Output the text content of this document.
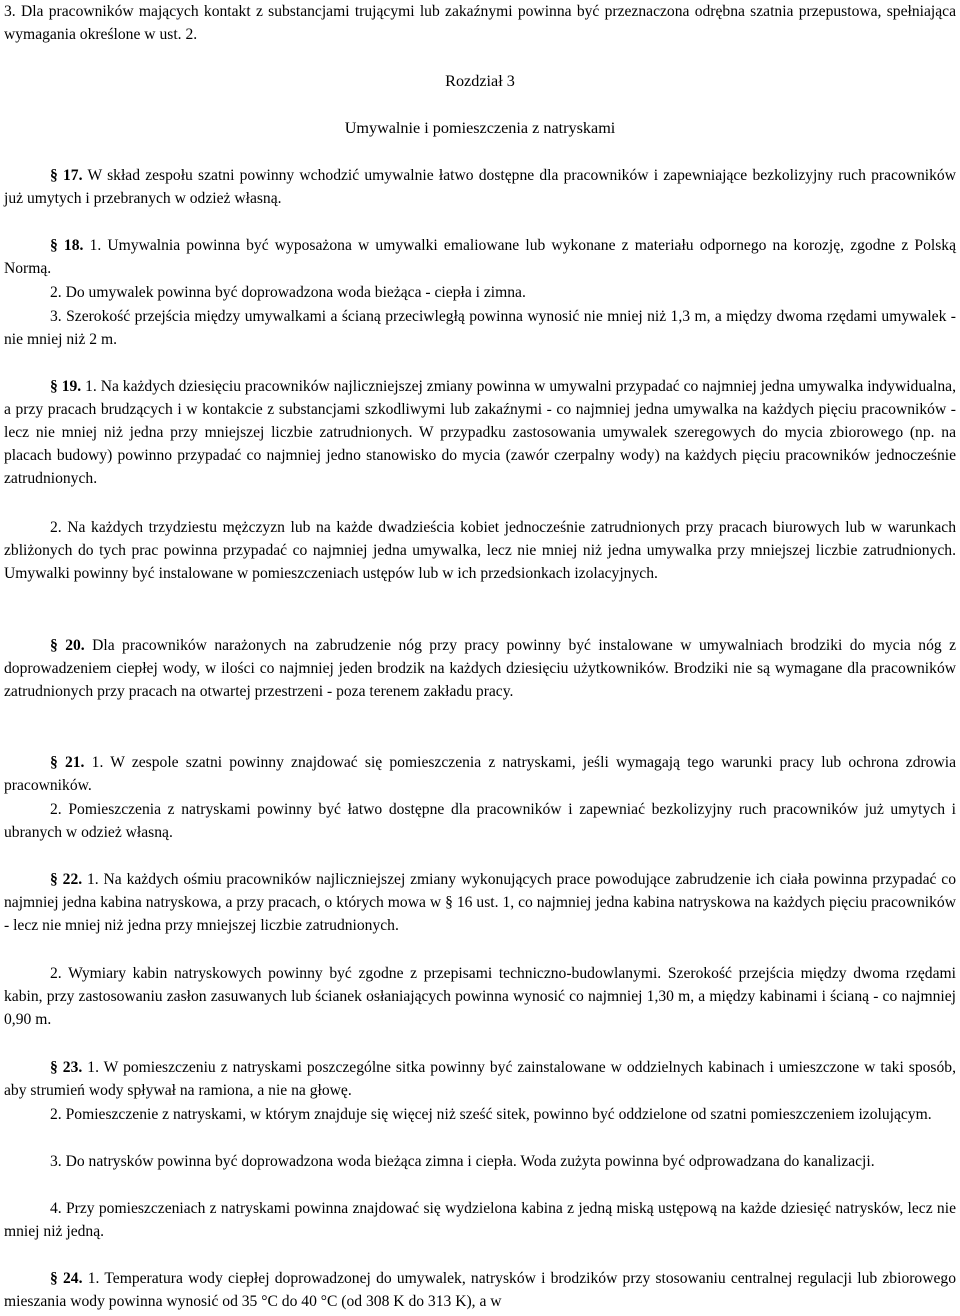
3. Dla pracowników mających kontakt z substancjami trującymi lub zakaźnymi powinna być przeznaczona odrębna szatnia przepustowa, spełniająca wymagania określone w ust. 2.

Rozdział 3

Umywalnie i pomieszczenia z natryskami

§ 17. W skład zespołu szatni powinny wchodzić umywalnie łatwo dostępne dla pracowników i zapewniające bezkolizyjny ruch pracowników już umytych i przebranych w odzież własną.

§ 18. 1. Umywalnia powinna być wyposażona w umywalki emaliowane lub wykonane z materiału odpornego na korozję, zgodne z Polską Normą.

2. Do umywalek powinna być doprowadzona woda bieżąca - ciepła i zimna.

3. Szerokość przejścia między umywalkami a ścianą przeciwległą powinna wynosić nie mniej niż 1,3 m, a między dwoma rzędami umywalek - nie mniej niż 2 m.

§ 19. 1. Na każdych dziesięciu pracowników najliczniejszej zmiany powinna w umywalni przypadać co najmniej jedna umywalka indywidualna, a przy pracach brudzących i w kontakcie z substancjami szkodliwymi lub zakaźnymi - co najmniej jedna umywalka na każdych pięciu pracowników - lecz nie mniej niż jedna przy mniejszej liczbie zatrudnionych. W przypadku zastosowania umywalek szeregowych do mycia zbiorowego (np. na placach budowy) powinno przypadać co najmniej jedno stanowisko do mycia (zawór czerpalny wody) na każdych pięciu pracowników jednocześnie zatrudnionych.

2. Na każdych trzydziestu mężczyzn lub na każde dwadzieścia kobiet jednocześnie zatrudnionych przy pracach biurowych lub w warunkach zbliżonych do tych prac powinna przypadać co najmniej jedna umywalka, lecz nie mniej niż jedna umywalka przy mniejszej liczbie zatrudnionych. Umywalki powinny być instalowane w pomieszczeniach ustępów lub w ich przedsionkach izolacyjnych.

§ 20. Dla pracowników narażonych na zabrudzenie nóg przy pracy powinny być instalowane w umywalniach brodziki do mycia nóg z doprowadzeniem ciepłej wody, w ilości co najmniej jeden brodzik na każdych dziesięciu użytkowników. Brodziki nie są wymagane dla pracowników zatrudnionych przy pracach na otwartej przestrzeni - poza terenem zakładu pracy.

§ 21. 1. W zespole szatni powinny znajdować się pomieszczenia z natryskami, jeśli wymagają tego warunki pracy lub ochrona zdrowia pracowników.

2. Pomieszczenia z natryskami powinny być łatwo dostępne dla pracowników i zapewniać bezkolizyjny ruch pracowników już umytych i ubranych w odzież własną.

§ 22. 1. Na każdych ośmiu pracowników najliczniejszej zmiany wykonujących prace powodujące zabrudzenie ich ciała powinna przypadać co najmniej jedna kabina natryskowa, a przy pracach, o których mowa w § 16 ust. 1, co najmniej jedna kabina natryskowa na każdych pięciu pracowników - lecz nie mniej niż jedna przy mniejszej liczbie zatrudnionych.

2. Wymiary kabin natryskowych powinny być zgodne z przepisami techniczno-budowlanymi. Szerokość przejścia między dwoma rzędami kabin, przy zastosowaniu zasłon zasuwanych lub ścianek osłaniających powinna wynosić co najmniej 1,30 m, a między kabinami i ścianą - co najmniej 0,90 m.

§ 23. 1. W pomieszczeniu z natryskami poszczególne sitka powinny być zainstalowane w oddzielnych kabinach i umieszczone w taki sposób, aby strumień wody spływał na ramiona, a nie na głowę.

2. Pomieszczenie z natryskami, w którym znajduje się więcej niż sześć sitek, powinno być oddzielone od szatni pomieszczeniem izolującym.

3. Do natrysków powinna być doprowadzona woda bieżąca zimna i ciepła. Woda zużyta powinna być odprowadzana do kanalizacji.

4. Przy pomieszczeniach z natryskami powinna znajdować się wydzielona kabina z jedną miską ustępową na każde dziesięć natrysków, lecz nie mniej niż jedną.

§ 24. 1. Temperatura wody ciepłej doprowadzonej do umywalek, natrysków i brodzików przy stosowaniu centralnej regulacji lub zbiorowego mieszania wody powinna wynosić od 35 °C do 40 °C (od 308 K do 313 K), a w
